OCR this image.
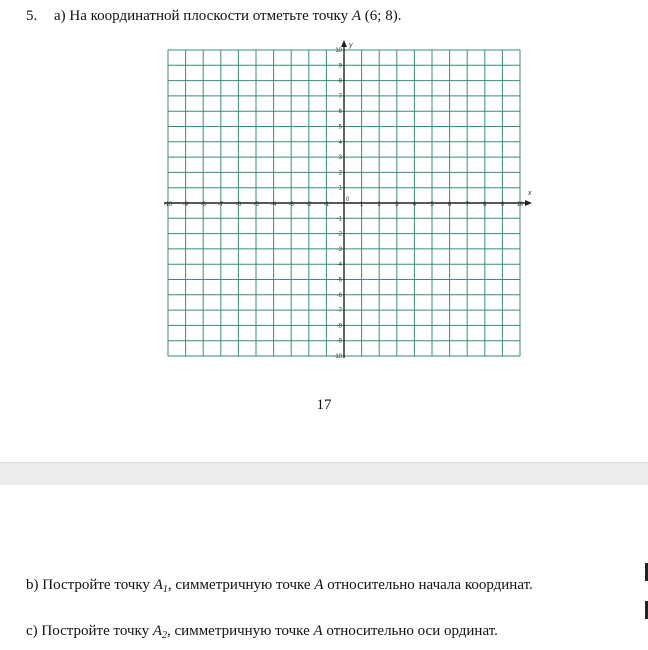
5. a) На координатной плоскости отметьте точку A (6; 8).
x
y
-10 -9 -8 -7 -6 -5 -4 -3 -2 -1	1 2 3 4 5 6 7 8 9 10
10
9
8
7
6
5
4
3
2
1
-1
-2
-3
-4
-5
-6
-7
-8
-9
-10
0
17
b) Постройте точку $A_1$, симметричную точке A относительно начала координат.
c) Постройте точку $A_2$, симметричную точке A относительно оси ординат.
